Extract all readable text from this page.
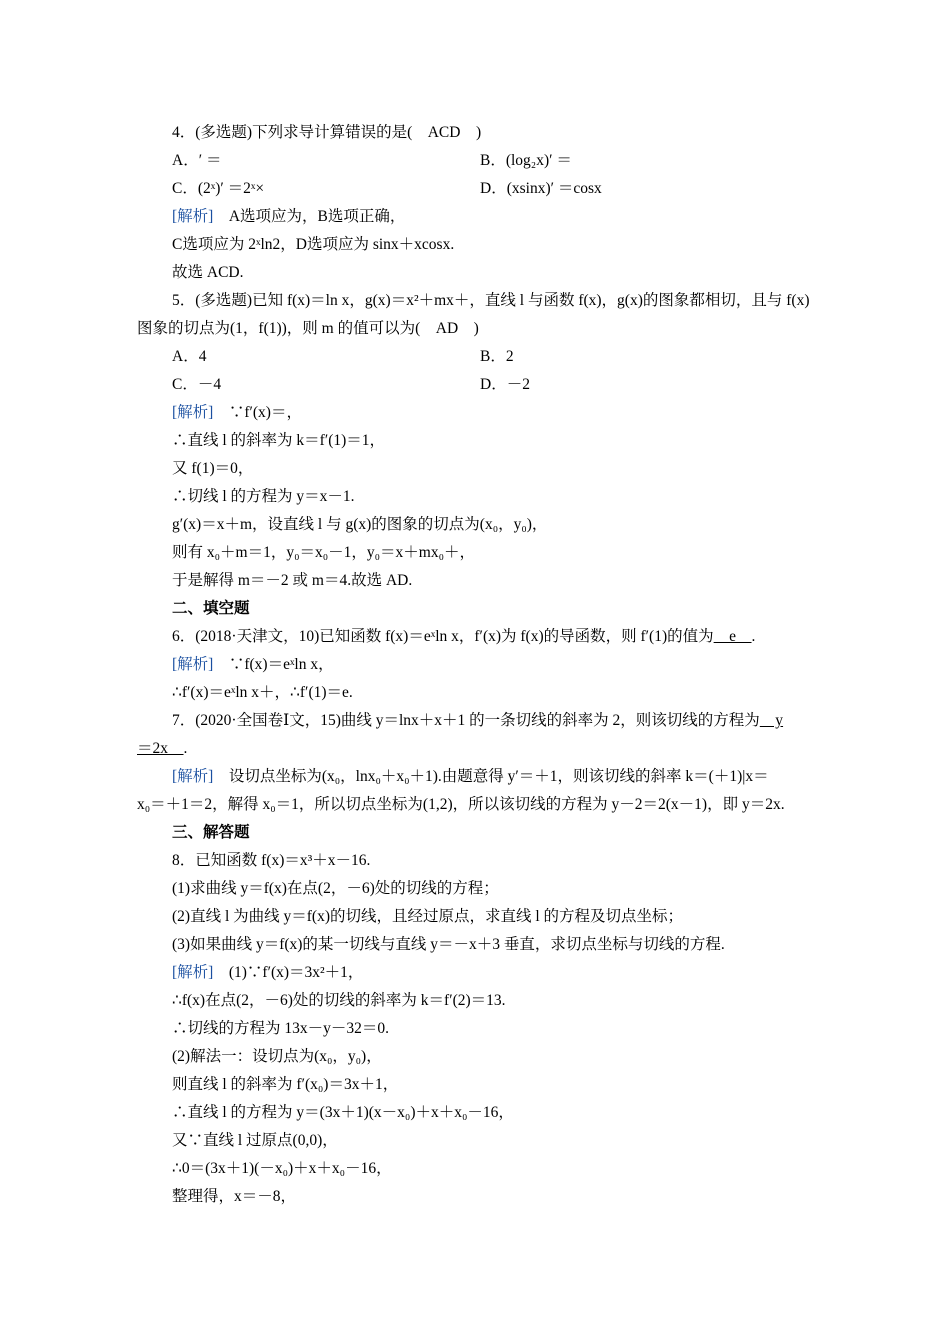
4．(多选题)下列求导计算错误的是(　ACD　)
A．′ ＝	B．(log₂x)′ ＝
C．(2ˣ)′ ＝2ˣ×	D．(xsinx)′ ＝cosx
[解析]　A选项应为，B选项正确，
C选项应为 2ˣln2，D选项应为 sinx＋xcosx.
故选 ACD.
5．(多选题)已知 f(x)＝ln x，g(x)＝x²＋mx＋，直线 l 与函数 f(x)，g(x)的图象都相切，且与 f(x)
图象的切点为(1，f(1))，则 m 的值可以为(　AD　)
A．4	B．2
C．－4	D．－2
[解析]　∵f′(x)＝，
∴直线 l 的斜率为 k＝f′(1)＝1，
又 f(1)＝0，
∴切线 l 的方程为 y＝x－1.
g′(x)＝x＋m，设直线 l 与 g(x)的图象的切点为(x₀，y₀)，
则有 x₀＋m＝1，y₀＝x₀－1，y₀＝x＋mx₀＋，
于是解得 m＝－2 或 m＝4.故选 AD.
二、填空题
6．(2018·天津文，10)已知函数 f(x)＝eˣln x，f′(x)为 f(x)的导函数，则 f′(1)的值为　e　.
[解析]　∵f(x)＝eˣln x，
∴f′(x)＝eˣln x＋，∴f′(1)＝e.
7．(2020·全国卷Ⅰ文，15)曲线 y＝lnx＋x＋1 的一条切线的斜率为 2，则该切线的方程为　y
＝2x　.
[解析]　设切点坐标为(x₀，lnx₀＋x₀＋1).由题意得 y′＝＋1，则该切线的斜率 k＝(＋1)|x＝
x₀＝＋1＝2，解得 x₀＝1，所以切点坐标为(1,2)，所以该切线的方程为 y－2＝2(x－1)，即 y＝2x.
三、解答题
8．已知函数 f(x)＝x³＋x－16.
(1)求曲线 y＝f(x)在点(2，－6)处的切线的方程；
(2)直线 l 为曲线 y＝f(x)的切线，且经过原点，求直线 l 的方程及切点坐标；
(3)如果曲线 y＝f(x)的某一切线与直线 y＝－x＋3 垂直，求切点坐标与切线的方程.
[解析]　(1)∵f′(x)＝3x²＋1，
∴f(x)在点(2，－6)处的切线的斜率为 k＝f′(2)＝13.
∴切线的方程为 13x－y－32＝0.
(2)解法一：设切点为(x₀，y₀)，
则直线 l 的斜率为 f′(x₀)＝3x＋1，
∴直线 l 的方程为 y＝(3x＋1)(x－x₀)＋x＋x₀－16，
又∵直线 l 过原点(0,0)，
∴0＝(3x＋1)(－x₀)＋x＋x₀－16，
整理得，x＝－8，
